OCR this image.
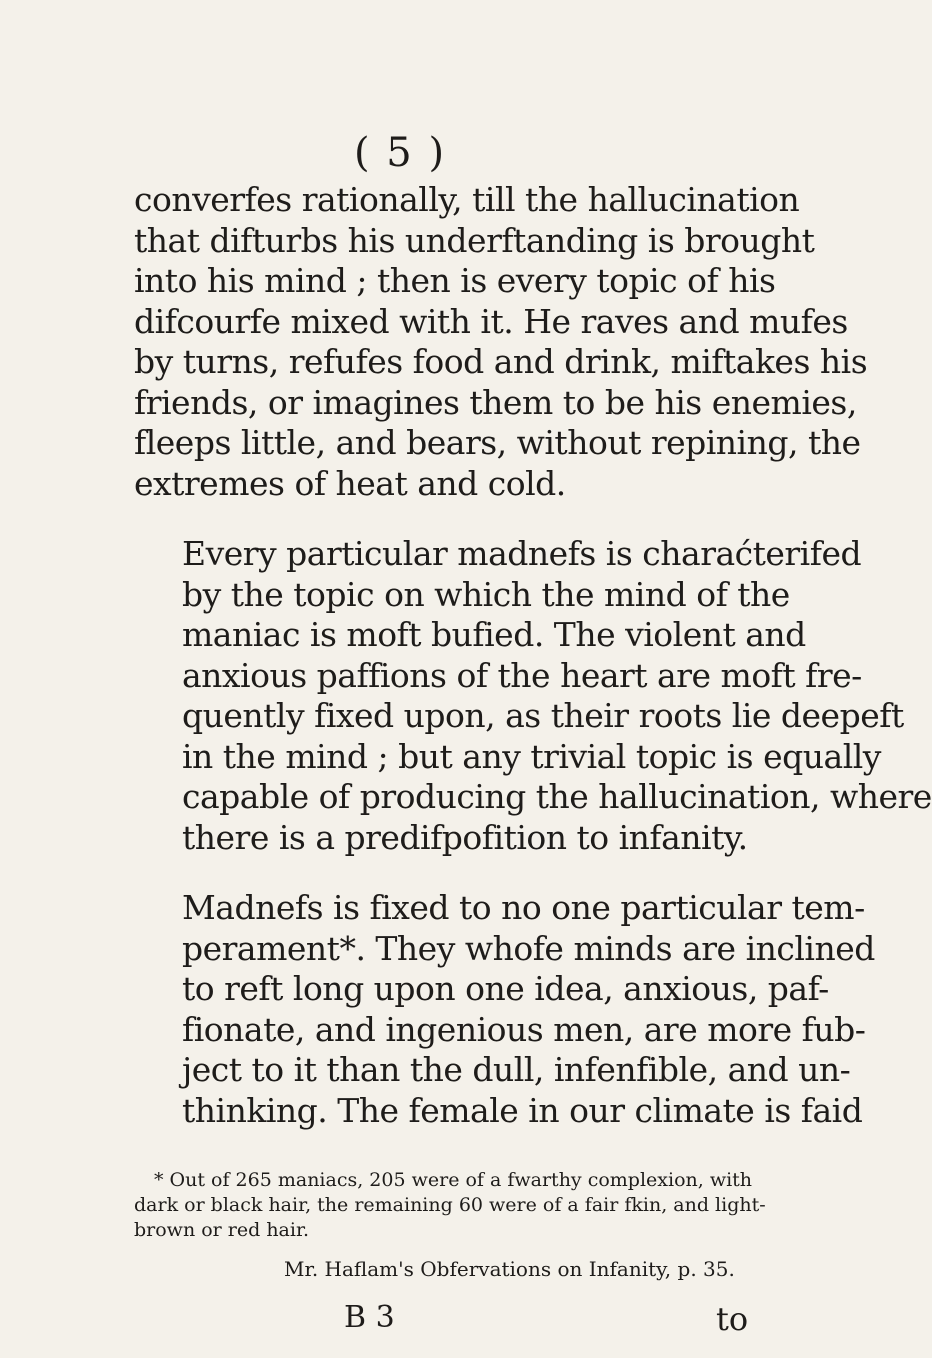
( 5 )

converfes rationally, till the hallucination
that difturbs his underftanding is brought
into his mind ; then is every topic of his
difcourfe mixed with it. He raves and mufes
by turns, refufes food and drink, miftakes his
friends, or imagines them to be his enemies,
fleeps little, and bears, without repining, the
extremes of heat and cold.

Every particular madnefs is charaćterifed
by the topic on which the mind of the
maniac is moft bufied. The violent and
anxious paffions of the heart are moft fre-
quently fixed upon, as their roots lie deepeft
in the mind ; but any trivial topic is equally
capable of producing the hallucination, where
there is a predifpofition to infanity.

Madnefs is fixed to no one particular tem-
perament*. They whofe minds are inclined
to reft long upon one idea, anxious, paf-
fionate, and ingenious men, are more fub-
ject to it than the dull, infenfible, and un-
thinking. The female in our climate is faid

* Out of 265 maniacs, 205 were of a fwarthy complexion, with
dark or black hair, the remaining 60 were of a fair fkin, and light-
brown or red hair.
Mr. Haflam's Obfervations on Infanity, p. 35.
B 3	to
